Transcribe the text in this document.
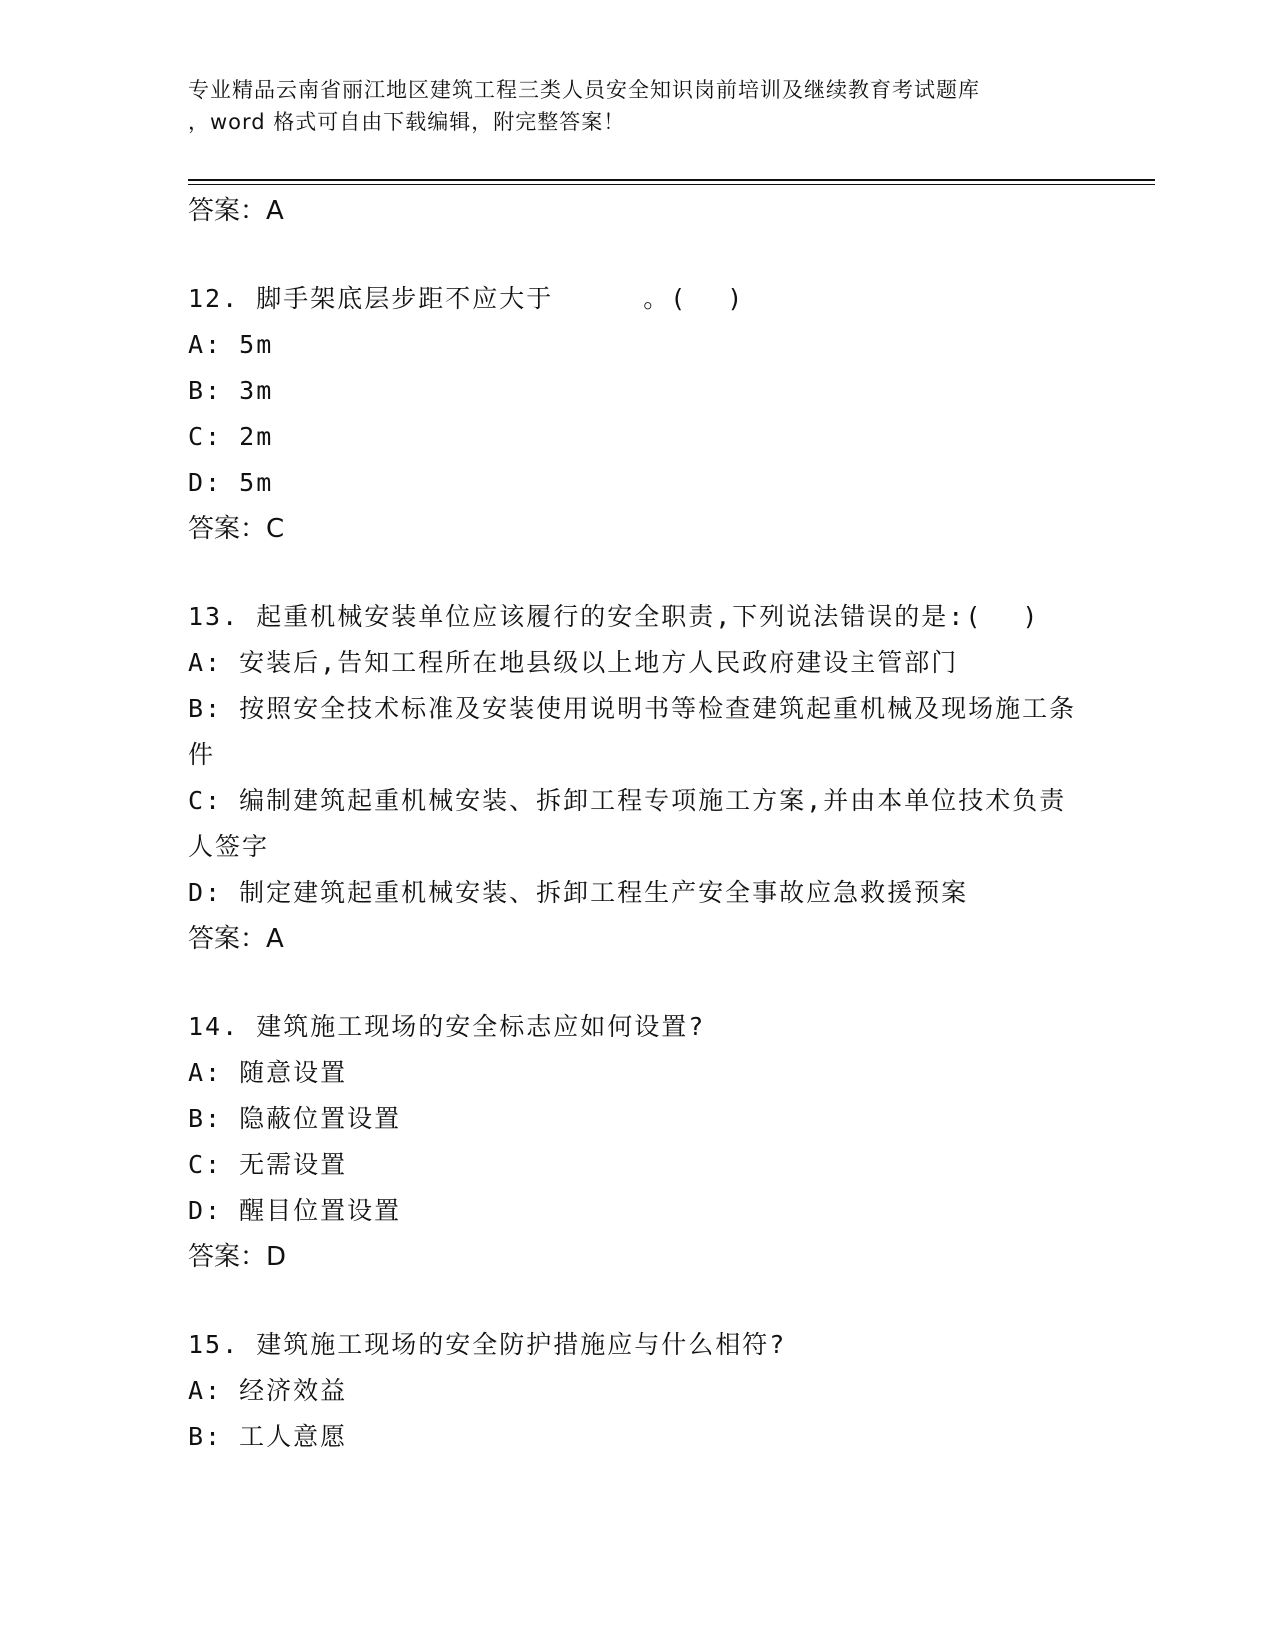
专业精品云南省丽江地区建筑工程三类人员安全知识岗前培训及继续教育考试题库
，word 格式可自由下载编辑，附完整答案！
答案：A
12. 脚手架底层步距不应大于	。( )
A: 5m
B: 3m
C: 2m
D: 5m
答案：C
13. 起重机械安装单位应该履行的安全职责,下列说法错误的是:( )
A: 安装后,告知工程所在地县级以上地方人民政府建设主管部门
B: 按照安全技术标准及安装使用说明书等检查建筑起重机械及现场施工条件
C: 编制建筑起重机械安装、拆卸工程专项施工方案,并由本单位技术负责人签字
D: 制定建筑起重机械安装、拆卸工程生产安全事故应急救援预案
答案：A
14. 建筑施工现场的安全标志应如何设置?
A: 随意设置
B: 隐蔽位置设置
C: 无需设置
D: 醒目位置设置
答案：D
15. 建筑施工现场的安全防护措施应与什么相符?
A: 经济效益
B: 工人意愿
